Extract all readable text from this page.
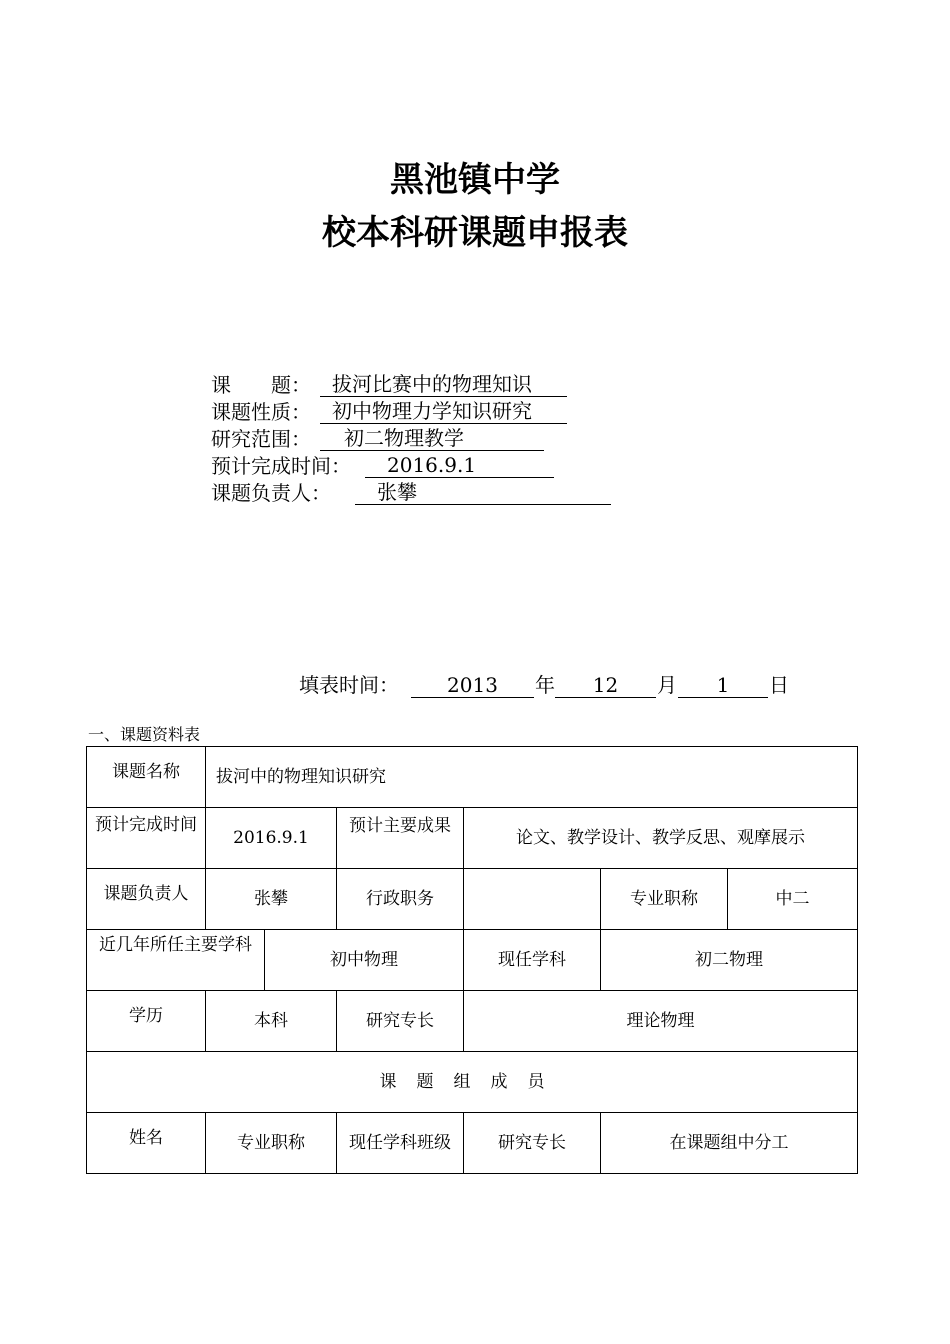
黑池镇中学
校本科研课题申报表
课　　题：	拔河比赛中的物理知识
课题性质：	初中物理力学知识研究
研究范围：	初二物理教学
预计完成时间：	2016.9.1
课题负责人：	张攀
填表时间：	2013	年	12	月	1	日
一、课题资料表
课题名称	拔河中的物理知识研究					
预计完成时间	2016.9.1		预计主要成果	论文、教学设计、教学反思、观摩展示		
课题负责人	张攀		行政职务		专业职称	中二
近几年所任主要学科		初中物理		现任学科	初二物理	
学历	本科		研究专长	理论物理		
课题组成员						
姓名	专业职称		现任学科班级	研究专长	在课题组中分工	
